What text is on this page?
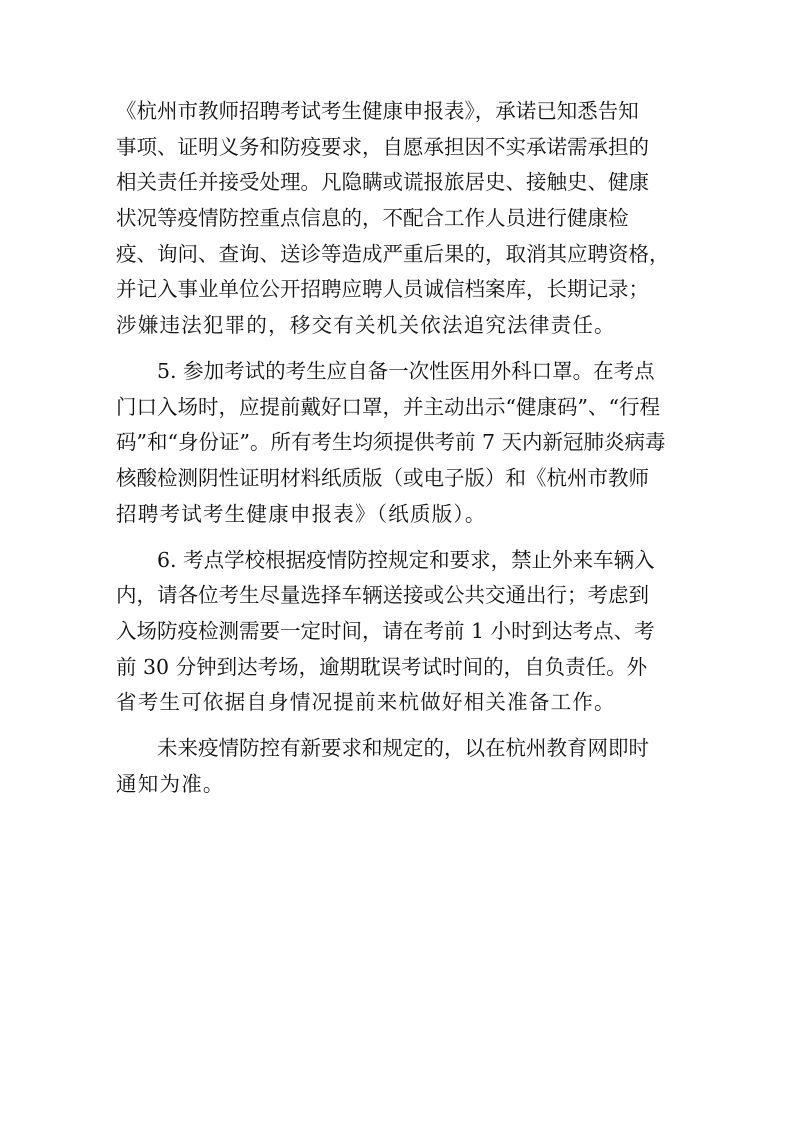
《杭州市教师招聘考试考生健康申报表》，承诺已知悉告知
事项、证明义务和防疫要求，自愿承担因不实承诺需承担的
相关责任并接受处理。凡隐瞒或谎报旅居史、接触史、健康
状况等疫情防控重点信息的，不配合工作人员进行健康检
疫、询问、查询、送诊等造成严重后果的，取消其应聘资格，
并记入事业单位公开招聘应聘人员诚信档案库，长期记录；
涉嫌违法犯罪的，移交有关机关依法追究法律责任。
5. 参加考试的考生应自备一次性医用外科口罩。在考点
门口入场时，应提前戴好口罩，并主动出示“健康码”、“行程
码”和“身份证”。所有考生均须提供考前 7 天内新冠肺炎病毒
核酸检测阴性证明材料纸质版（或电子版）和《杭州市教师
招聘考试考生健康申报表》（纸质版）。
6. 考点学校根据疫情防控规定和要求，禁止外来车辆入
内，请各位考生尽量选择车辆送接或公共交通出行；考虑到
入场防疫检测需要一定时间，请在考前 1 小时到达考点、考
前 30 分钟到达考场，逾期耽误考试时间的，自负责任。外
省考生可依据自身情况提前来杭做好相关准备工作。
未来疫情防控有新要求和规定的，以在杭州教育网即时
通知为准。
